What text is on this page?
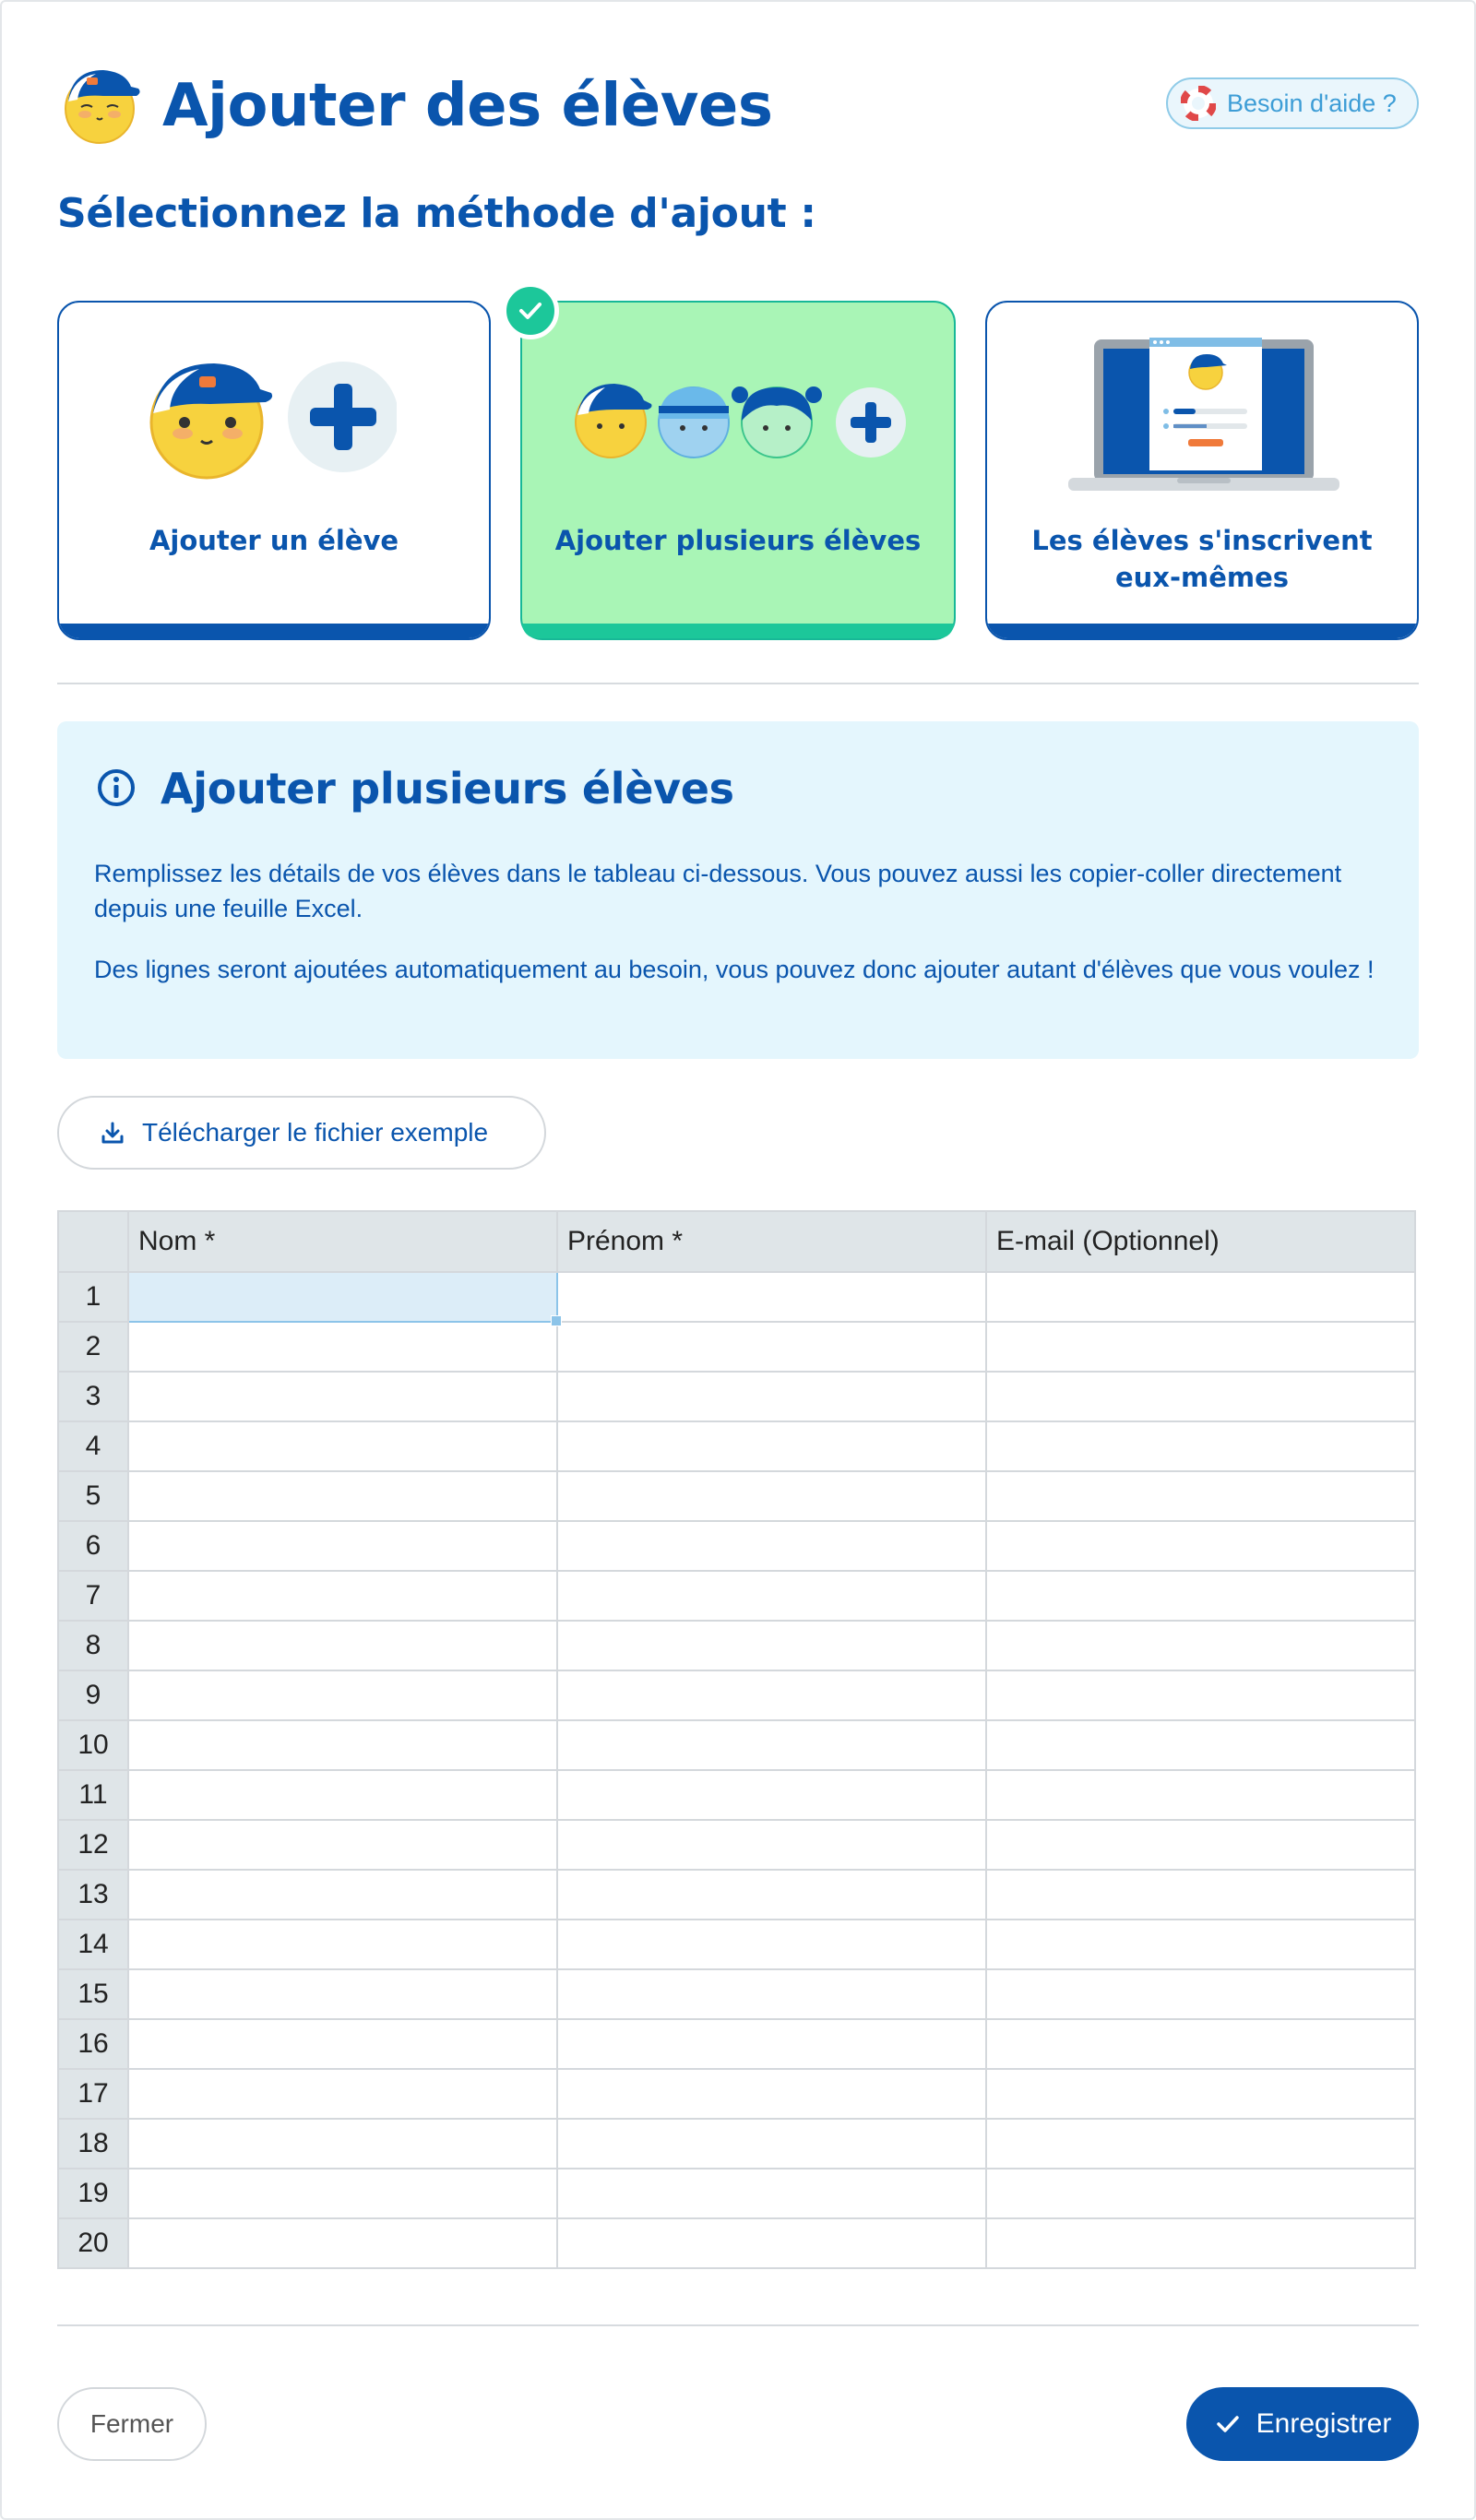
Ajouter des élèves	Besoin d'aide ?
Sélectionnez la méthode d'ajout :
Ajouter un élève	Ajouter plusieurs élèves	Les élèves s'inscrivent eux-mêmes
Ajouter plusieurs élèves
Remplissez les détails de vos élèves dans le tableau ci-dessous. Vous pouvez aussi les copier-coller directement depuis une feuille Excel.
Des lignes seront ajoutées automatiquement au besoin, vous pouvez donc ajouter autant d'élèves que vous voulez !
Télécharger le fichier exemple
	Nom *	Prénom *	E-mail (Optionnel)
1			
2			
3			
4			
5			
6			
7			
8			
9			
10			
11			
12			
13			
14			
15			
16			
17			
18			
19			
20			
Fermer	Enregistrer
